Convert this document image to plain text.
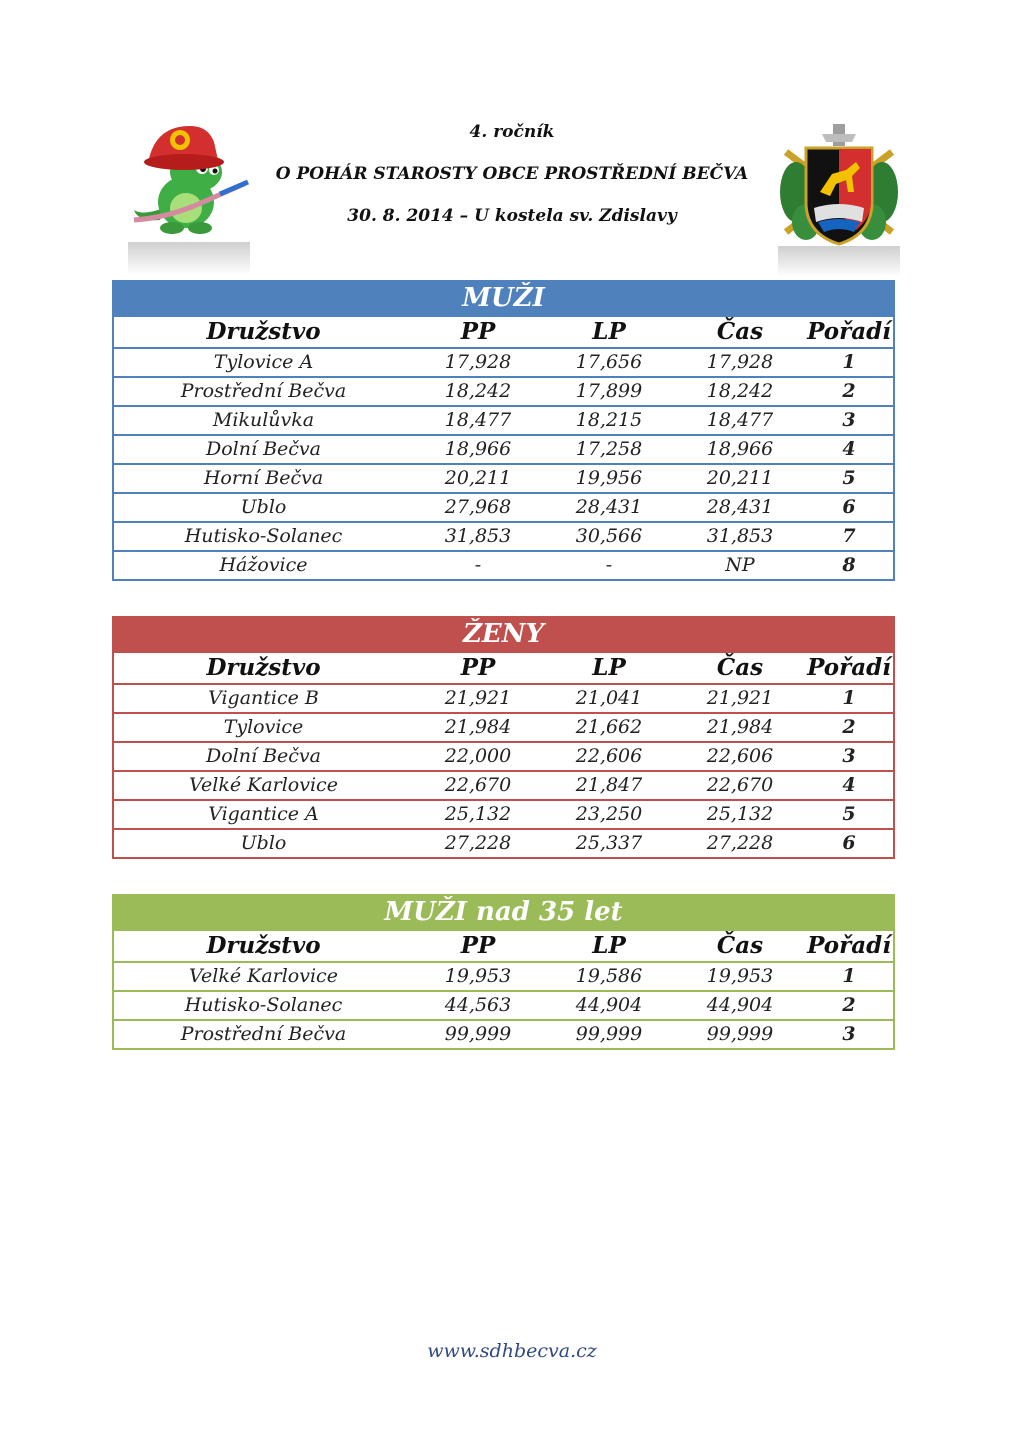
4. ročník
O POHÁR STAROSTY OBCE PROSTŘEDNÍ BEČVA
30. 8. 2014 – U kostela sv. Zdislavy
MUŽI				
Družstvo	PP	LP	Čas	Pořadí
Tylovice A	17,928	17,656	17,928	1
Prostřední Bečva	18,242	17,899	18,242	2
Mikulůvka	18,477	18,215	18,477	3
Dolní Bečva	18,966	17,258	18,966	4
Horní Bečva	20,211	19,956	20,211	5
Ublo	27,968	28,431	28,431	6
Hutisko-Solanec	31,853	30,566	31,853	7
Hážovice	-	-	NP	8
ŽENY				
Družstvo	PP	LP	Čas	Pořadí
Vigantice B	21,921	21,041	21,921	1
Tylovice	21,984	21,662	21,984	2
Dolní Bečva	22,000	22,606	22,606	3
Velké Karlovice	22,670	21,847	22,670	4
Vigantice A	25,132	23,250	25,132	5
Ublo	27,228	25,337	27,228	6
MUŽI nad 35 let				
Družstvo	PP	LP	Čas	Pořadí
Velké Karlovice	19,953	19,586	19,953	1
Hutisko-Solanec	44,563	44,904	44,904	2
Prostřední Bečva	99,999	99,999	99,999	3
www.sdhbecva.cz
